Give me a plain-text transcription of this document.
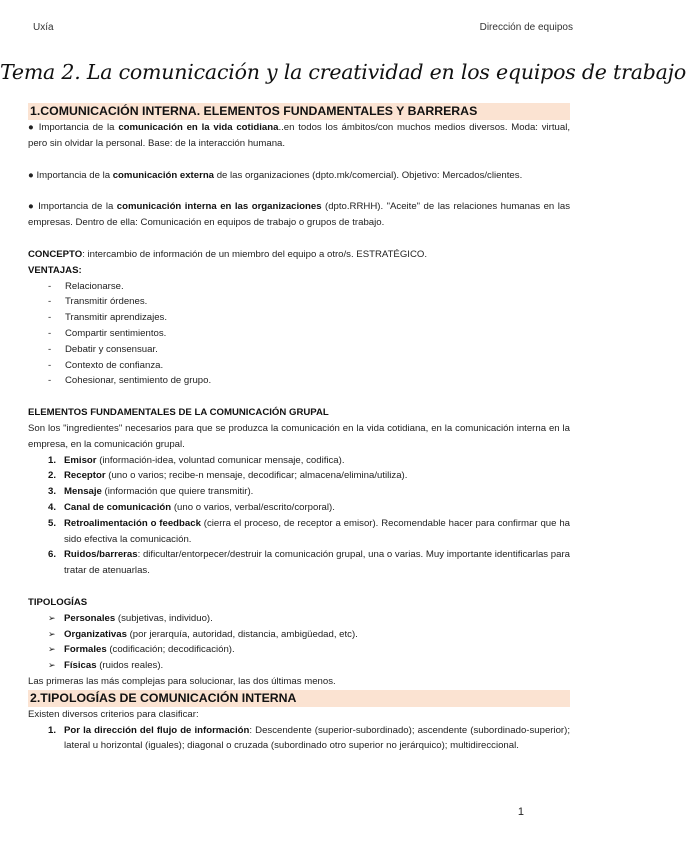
Uxía	Dirección de equipos
Tema 2. La comunicación y la creatividad en los equipos de trabajo
1.COMUNICACIÓN INTERNA. ELEMENTOS FUNDAMENTALES Y BARRERAS

● Importancia de la comunicación en la vida cotidiana..en todos los ámbitos/con muchos medios diversos. Moda: virtual, pero sin olvidar la personal. Base: de la interacción humana.

● Importancia de la comunicación externa de las organizaciones (dpto.mk/comercial). Objetivo: Mercados/clientes.

● Importancia de la comunicación interna en las organizaciones (dpto.RRHH). "Aceite" de las relaciones humanas en las empresas. Dentro de ella: Comunicación en equipos de trabajo o grupos de trabajo.

CONCEPTO: intercambio de información de un miembro del equipo a otro/s. ESTRATÉGICO.

VENTAJAS:

- Relacionarse.
- Transmitir órdenes.
- Transmitir aprendizajes.
- Compartir sentimientos.
- Debatir y consensuar.
- Contexto de confianza.
- Cohesionar, sentimiento de grupo.

ELEMENTOS FUNDAMENTALES DE LA COMUNICACIÓN GRUPAL

Son los "ingredientes" necesarios para que se produzca la comunicación en la vida cotidiana, en la comunicación interna en la empresa, en la comunicación grupal.

1. Emisor (información-idea, voluntad comunicar mensaje, codifica).
2. Receptor (uno o varios; recibe-n mensaje, decodificar; almacena/elimina/utiliza).
3. Mensaje (información que quiere transmitir).
4. Canal de comunicación (uno o varios, verbal/escrito/corporal).
5. Retroalimentación o feedback (cierra el proceso, de receptor a emisor). Recomendable hacer para confirmar que ha sido efectiva la comunicación.
6. Ruidos/barreras: dificultar/entorpecer/destruir la comunicación grupal, una o varias. Muy importante identificarlas para tratar de atenuarlas.

TIPOLOGÍAS

➢ Personales (subjetivas, individuo).
➢ Organizativas (por jerarquía, autoridad, distancia, ambigüedad, etc).
➢ Formales (codificación; decodificación).
➢ Físicas (ruidos reales).

Las primeras las más complejas para solucionar, las dos últimas menos.

2.TIPOLOGÍAS DE COMUNICACIÓN INTERNA

Existen diversos criterios para clasificar:

1. Por la dirección del flujo de información: Descendente (superior-subordinado); ascendente (subordinado-superior); lateral u horizontal (iguales); diagonal o cruzada (subordinado otro superior no jerárquico); multidireccional.
1
